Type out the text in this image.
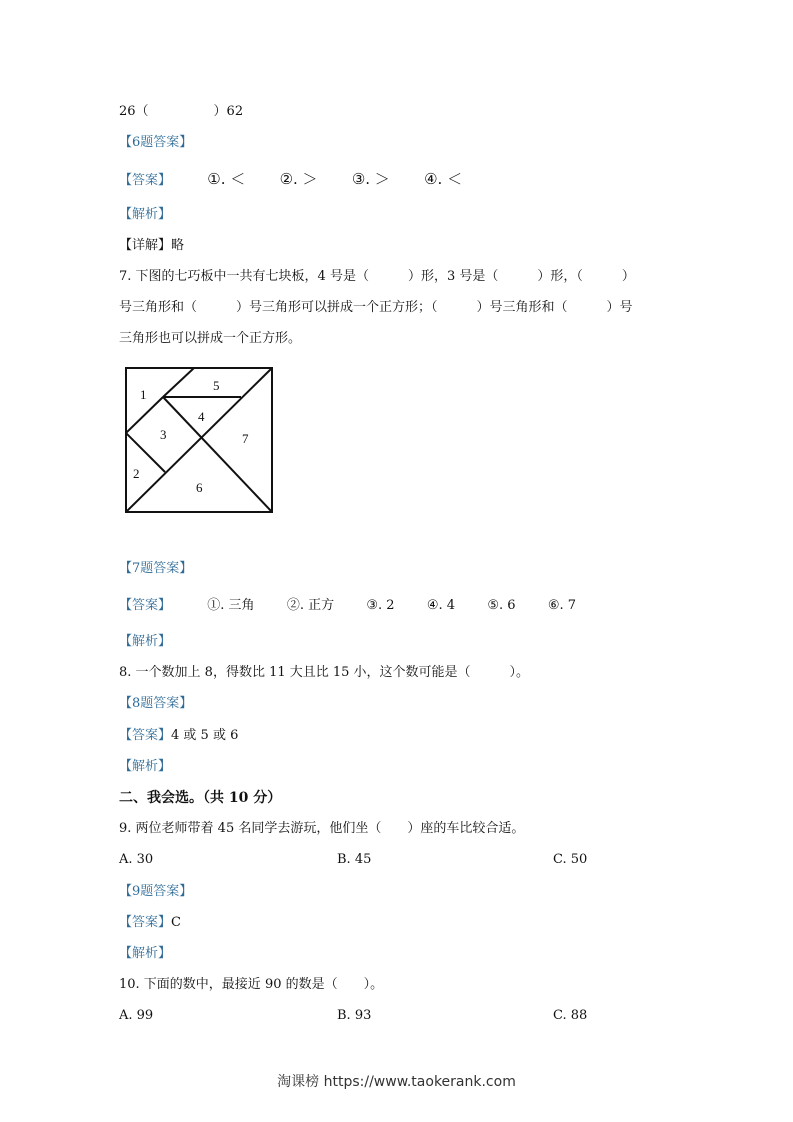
26（　　　　　）62
【6题答案】
【答案】 ①. ＜ ②. ＞ ③. ＞ ④. ＜
【解析】
【详解】略
7. 下图的七巧板中一共有七块板，4 号是（　　　）形，3 号是（　　　）形，（　　　）
号三角形和（　　　）号三角形可以拼成一个正方形；（　　　）号三角形和（　　　）号
三角形也可以拼成一个正方形。
1
5
4
3	7
2
6
【7题答案】
【答案】	①. 三角 ②. 正方 ③. 2 ④. 4 ⑤. 6 ⑥. 7
【解析】
8. 一个数加上 8，得数比 11 大且比 15 小，这个数可能是（　　　）。
【8题答案】
【答案】4 或 5 或 6
【解析】
二、我会选。（共 10 分）
9. 两位老师带着 45 名同学去游玩，他们坐（　　）座的车比较合适。
A. 30	B. 45	C. 50
【9题答案】
【答案】C
【解析】
10. 下面的数中，最接近 90 的数是（　　）。
A. 99	B. 93	C. 88
淘课榜 https://www.taokerank.com
